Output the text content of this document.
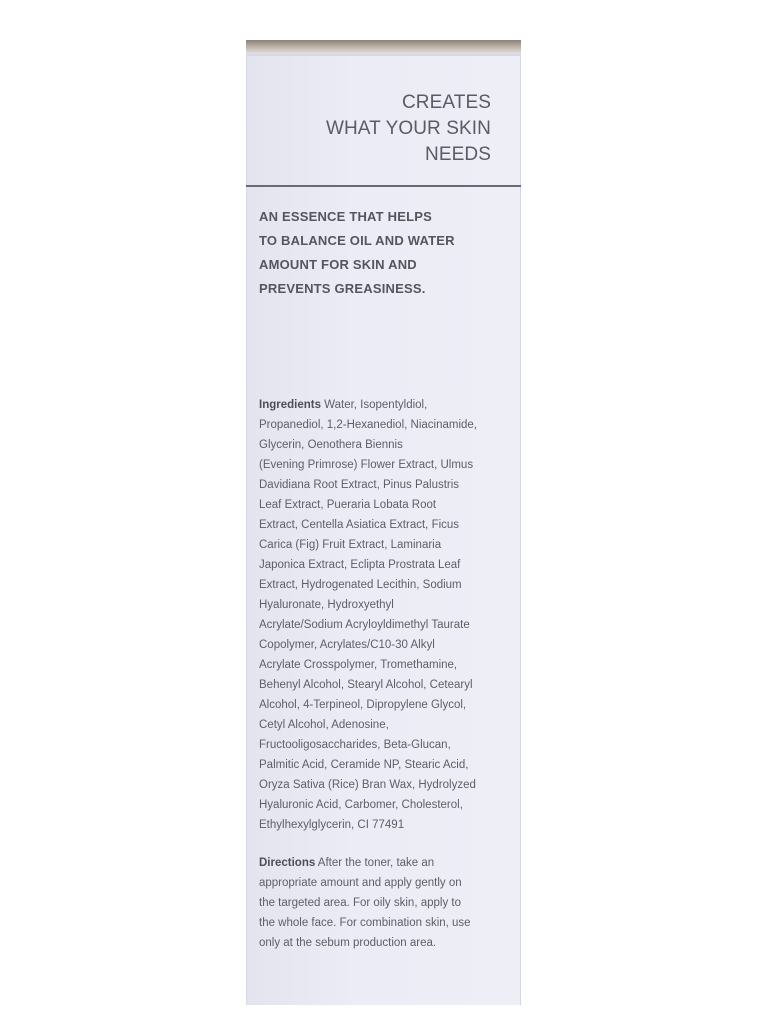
CREATES
WHAT YOUR SKIN
NEEDS
AN ESSENCE THAT HELPS
TO BALANCE OIL AND WATER
AMOUNT FOR SKIN AND
PREVENTS GREASINESS.
Ingredients Water, Isopentyldiol,
Propanediol, 1,2-Hexanediol, Niacinamide,
Glycerin, Oenothera Biennis
(Evening Primrose) Flower Extract, Ulmus
Davidiana Root Extract, Pinus Palustris
Leaf Extract, Pueraria Lobata Root
Extract, Centella Asiatica Extract, Ficus
Carica (Fig) Fruit Extract, Laminaria
Japonica Extract, Eclipta Prostrata Leaf
Extract, Hydrogenated Lecithin, Sodium
Hyaluronate, Hydroxyethyl
Acrylate/Sodium Acryloyldimethyl Taurate
Copolymer, Acrylates/C10-30 Alkyl
Acrylate Crosspolymer, Tromethamine,
Behenyl Alcohol, Stearyl Alcohol, Cetearyl
Alcohol, 4-Terpineol, Dipropylene Glycol,
Cetyl Alcohol, Adenosine,
Fructooligosaccharides, Beta-Glucan,
Palmitic Acid, Ceramide NP, Stearic Acid,
Oryza Sativa (Rice) Bran Wax, Hydrolyzed
Hyaluronic Acid, Carbomer, Cholesterol,
Ethylhexylglycerin, CI 77491
Directions After the toner, take an
appropriate amount and apply gently on
the targeted area. For oily skin, apply to
the whole face. For combination skin, use
only at the sebum production area.
